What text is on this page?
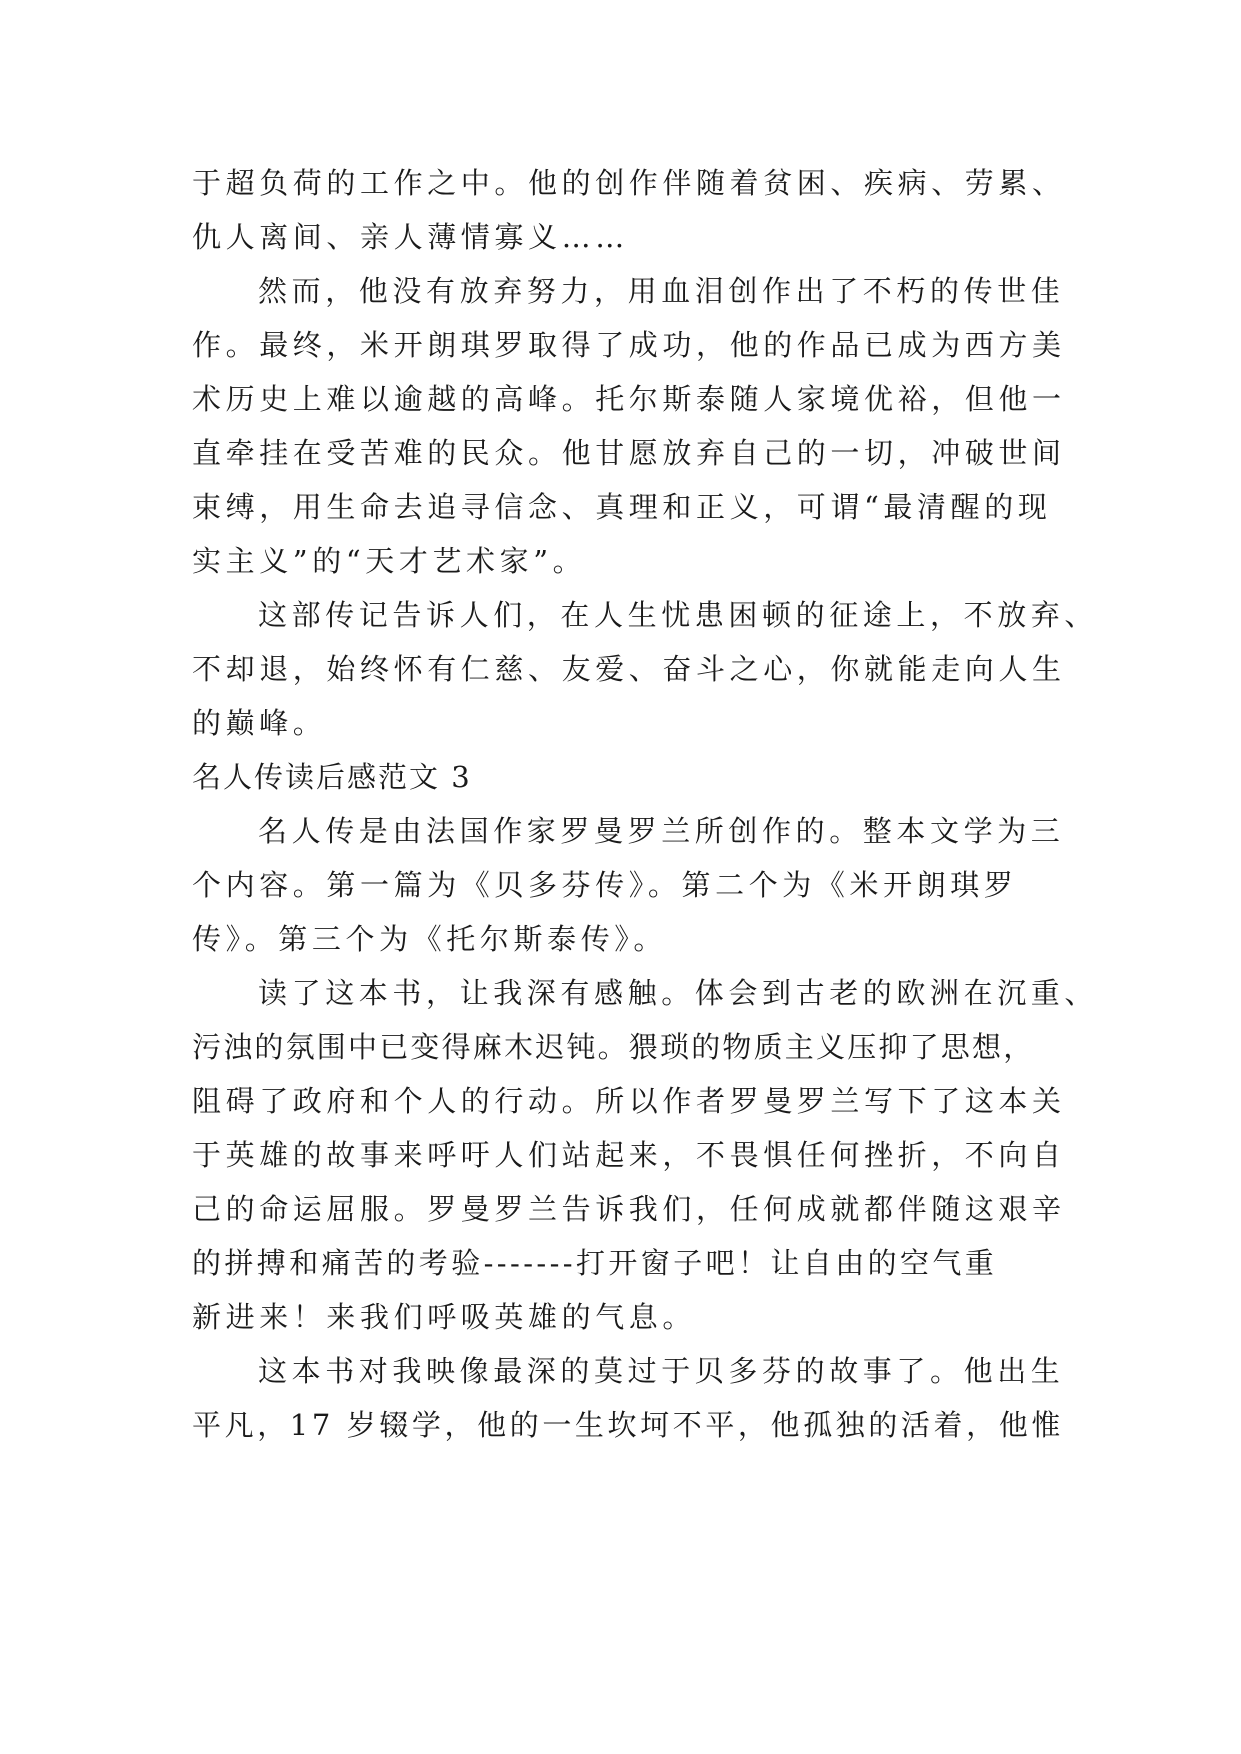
于超负荷的工作之中。他的创作伴随着贫困、疾病、劳累、
仇人离间、亲人薄情寡义……
然而，他没有放弃努力，用血泪创作出了不朽的传世佳
作。最终，米开朗琪罗取得了成功，他的作品已成为西方美
术历史上难以逾越的高峰。托尔斯泰随人家境优裕，但他一
直牵挂在受苦难的民众。他甘愿放弃自己的一切，冲破世间
束缚，用生命去追寻信念、真理和正义，可谓“最清醒的现
实主义”的“天才艺术家”。
这部传记告诉人们，在人生忧患困顿的征途上，不放弃、
不却退，始终怀有仁慈、友爱、奋斗之心，你就能走向人生
的巅峰。
名人传读后感范文 3
名人传是由法国作家罗曼罗兰所创作的。整本文学为三
个内容。第一篇为《贝多芬传》。第二个为《米开朗琪罗
传》。第三个为《托尔斯泰传》。
读了这本书，让我深有感触。体会到古老的欧洲在沉重、
污浊的氛围中已变得麻木迟钝。猥琐的物质主义压抑了思想，
阻碍了政府和个人的行动。所以作者罗曼罗兰写下了这本关
于英雄的故事来呼吁人们站起来，不畏惧任何挫折，不向自
己的命运屈服。罗曼罗兰告诉我们，任何成就都伴随这艰辛
的拼搏和痛苦的考验-------打开窗子吧！让自由的空气重
新进来！来我们呼吸英雄的气息。
这本书对我映像最深的莫过于贝多芬的故事了。他出生
平凡，17 岁辍学，他的一生坎坷不平，他孤独的活着，他惟
